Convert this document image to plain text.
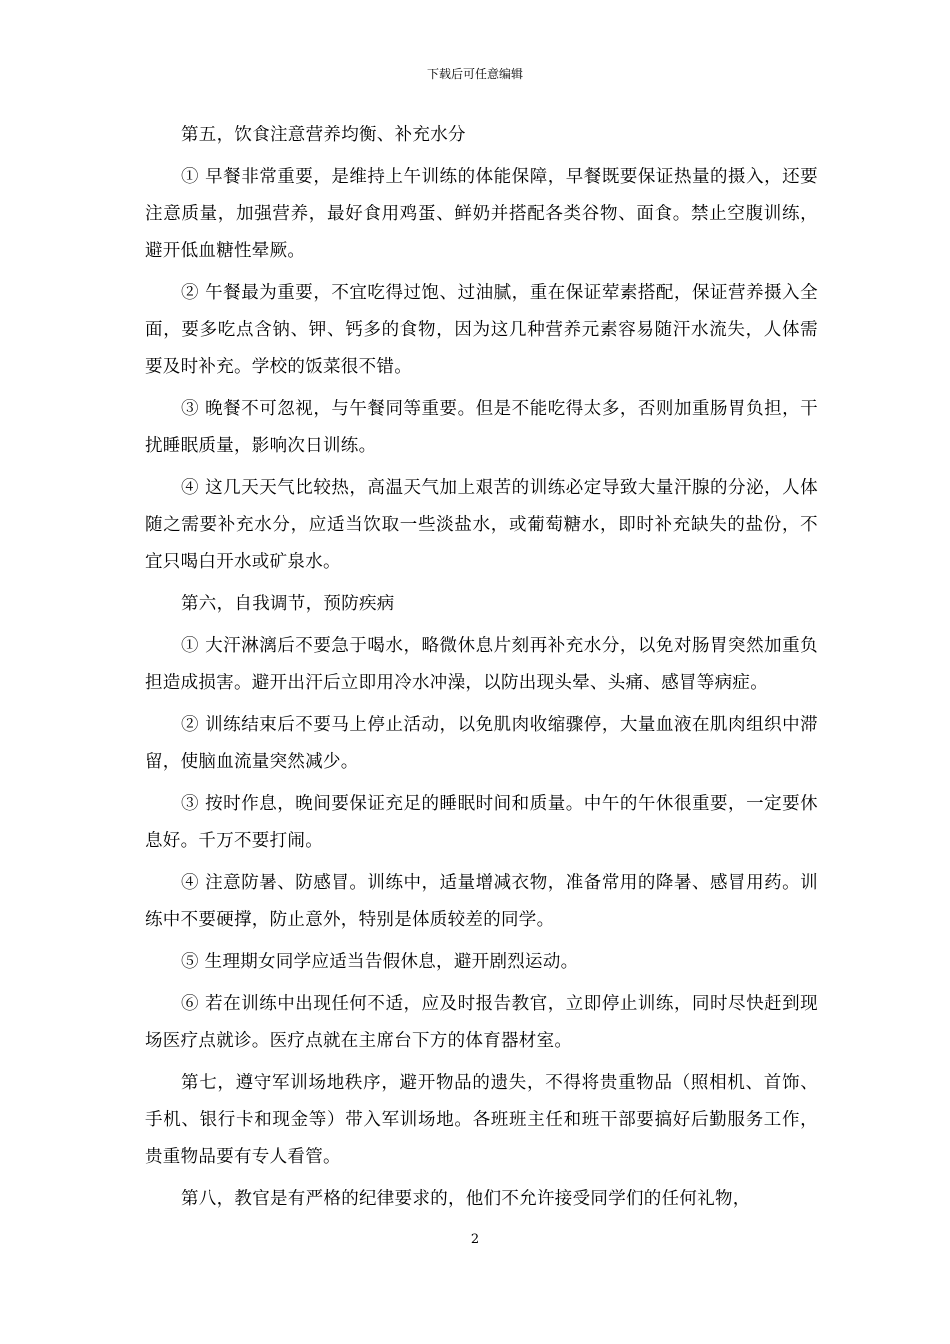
下载后可任意编辑

第五，饮食注意营养均衡、补充水分

① 早餐非常重要，是维持上午训练的体能保障，早餐既要保证热量的摄入，还要注意质量，加强营养，最好食用鸡蛋、鲜奶并搭配各类谷物、面食。禁止空腹训练，避开低血糖性晕厥。

② 午餐最为重要，不宜吃得过饱、过油腻，重在保证荤素搭配，保证营养摄入全面，要多吃点含钠、钾、钙多的食物，因为这几种营养元素容易随汗水流失，人体需要及时补充。学校的饭菜很不错。

③ 晚餐不可忽视，与午餐同等重要。但是不能吃得太多，否则加重肠胃负担，干扰睡眠质量，影响次日训练。

④ 这几天天气比较热，高温天气加上艰苦的训练必定导致大量汗腺的分泌，人体随之需要补充水分，应适当饮取一些淡盐水，或葡萄糖水，即时补充缺失的盐份，不宜只喝白开水或矿泉水。

第六，自我调节，预防疾病

① 大汗淋漓后不要急于喝水，略微休息片刻再补充水分，以免对肠胃突然加重负担造成损害。避开出汗后立即用冷水冲澡，以防出现头晕、头痛、感冒等病症。

② 训练结束后不要马上停止活动，以免肌肉收缩骤停，大量血液在肌肉组织中滞留，使脑血流量突然减少。

③ 按时作息，晚间要保证充足的睡眠时间和质量。中午的午休很重要，一定要休息好。千万不要打闹。

④ 注意防暑、防感冒。训练中，适量增减衣物，准备常用的降暑、感冒用药。训练中不要硬撑，防止意外，特别是体质较差的同学。

⑤ 生理期女同学应适当告假休息，避开剧烈运动。

⑥ 若在训练中出现任何不适，应及时报告教官，立即停止训练，同时尽快赶到现场医疗点就诊。医疗点就在主席台下方的体育器材室。

第七，遵守军训场地秩序，避开物品的遗失，不得将贵重物品（照相机、首饰、手机、银行卡和现金等）带入军训场地。各班班主任和班干部要搞好后勤服务工作，贵重物品要有专人看管。

第八，教官是有严格的纪律要求的，他们不允许接受同学们的任何礼物，

2
